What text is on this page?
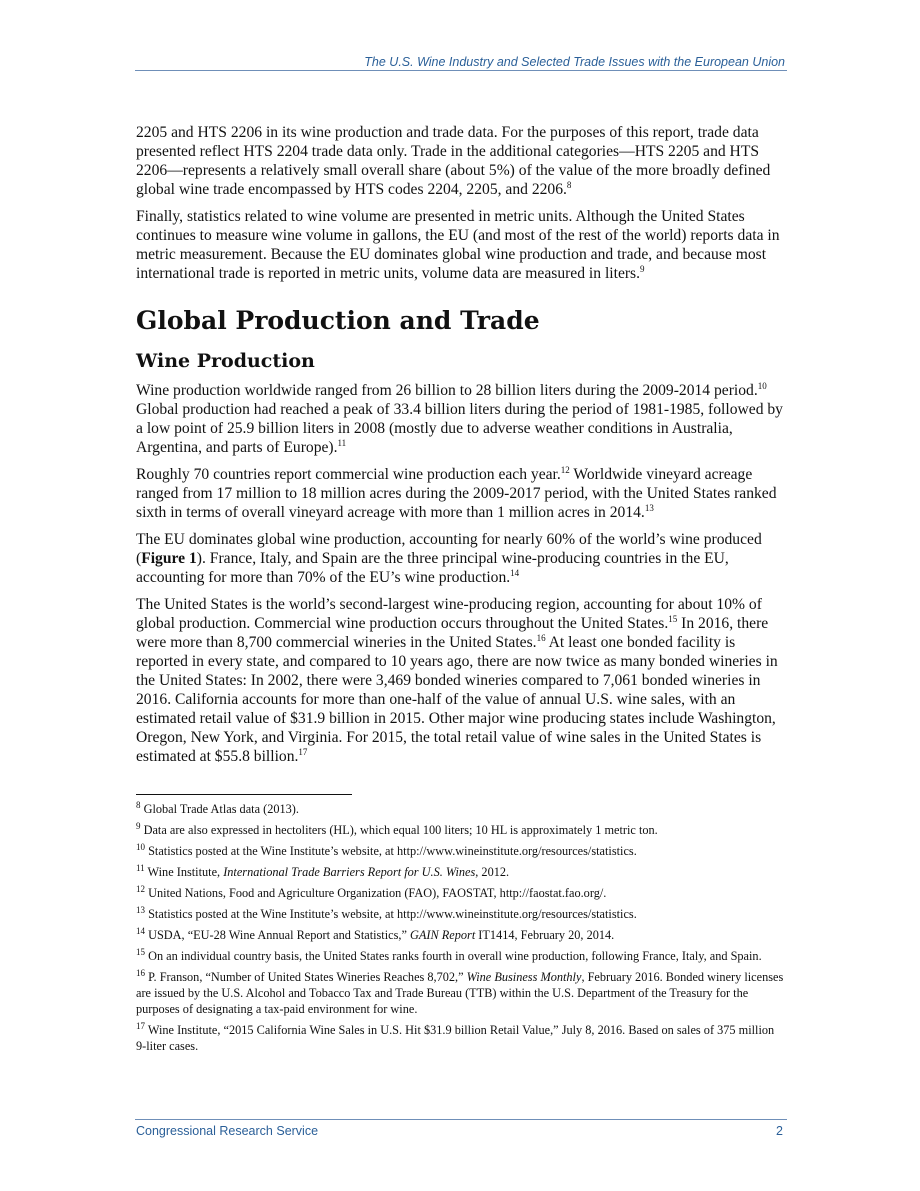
The U.S. Wine Industry and Selected Trade Issues with the European Union

2205 and HTS 2206 in its wine production and trade data. For the purposes of this report, trade data presented reflect HTS 2204 trade data only. Trade in the additional categories—HTS 2205 and HTS 2206—represents a relatively small overall share (about 5%) of the value of the more broadly defined global wine trade encompassed by HTS codes 2204, 2205, and 2206.$^8$

Finally, statistics related to wine volume are presented in metric units. Although the United States continues to measure wine volume in gallons, the EU (and most of the rest of the world) reports data in metric measurement. Because the EU dominates global wine production and trade, and because most international trade is reported in metric units, volume data are measured in liters.$^9$

Global Production and Trade
Wine Production

Wine production worldwide ranged from 26 billion to 28 billion liters during the 2009-2014 period.$^{10}$ Global production had reached a peak of 33.4 billion liters during the period of 1981-1985, followed by a low point of 25.9 billion liters in 2008 (mostly due to adverse weather conditions in Australia, Argentina, and parts of Europe).$^{11}$

Roughly 70 countries report commercial wine production each year.$^{12}$ Worldwide vineyard acreage ranged from 17 million to 18 million acres during the 2009-2017 period, with the United States ranked sixth in terms of overall vineyard acreage with more than 1 million acres in 2014.13

The EU dominates global wine production, accounting for nearly 60% of the world’s wine produced (Figure 1). France, Italy, and Spain are the three principal wine-producing countries in the EU, accounting for more than 70% of the EU’s wine production.$^{14}$

The United States is the world’s second-largest wine-producing region, accounting for about 10% of global production. Commercial wine production occurs throughout the United States.$^{15}$ In 2016, there were more than 8,700 commercial wineries in the United States.$^{16}$ At least one bonded facility is reported in every state, and compared to 10 years ago, there are now twice as many bonded wineries in the United States: In 2002, there were 3,469 bonded wineries compared to 7,061 bonded wineries in 2016. California accounts for more than one-half of the value of annual U.S. wine sales, with an estimated retail value of $31.9 billion in 2015. Other major wine producing states include Washington, Oregon, New York, and Virginia. For 2015, the total retail value of wine sales in the United States is estimated at $55.8 billion.$^{17}$

$^8$ Global Trade Atlas data (2013).
$^9$ Data are also expressed in hectoliters (HL), which equal 100 liters; 10 HL is approximately 1 metric ton.
$^{10}$ Statistics posted at the Wine Institute’s website, at http://www.wineinstitute.org/resources/statistics.
$^{11}$ Wine Institute, International Trade Barriers Report for U.S. Wines, 2012.
$^{12}$ United Nations, Food and Agriculture Organization (FAO), FAOSTAT, http://faostat.fao.org/.
$^{13}$ Statistics posted at the Wine Institute’s website, at http://www.wineinstitute.org/resources/statistics.
$^{14}$ USDA, “EU-28 Wine Annual Report and Statistics,” GAIN Report IT1414, February 20, 2014.
$^{15}$ On an individual country basis, the United States ranks fourth in overall wine production, following France, Italy, and Spain.
$^{16}$ P. Franson, “Number of United States Wineries Reaches 8,702,” Wine Business Monthly, February 2016. Bonded winery licenses are issued by the U.S. Alcohol and Tobacco Tax and Trade Bureau (TTB) within the U.S. Department of the Treasury for the purposes of designating a tax-paid environment for wine.
$^{17}$ Wine Institute, “2015 California Wine Sales in U.S. Hit $31.9 billion Retail Value,” July 8, 2016. Based on sales of 375 million 9-liter cases.
Congressional Research Service	2
